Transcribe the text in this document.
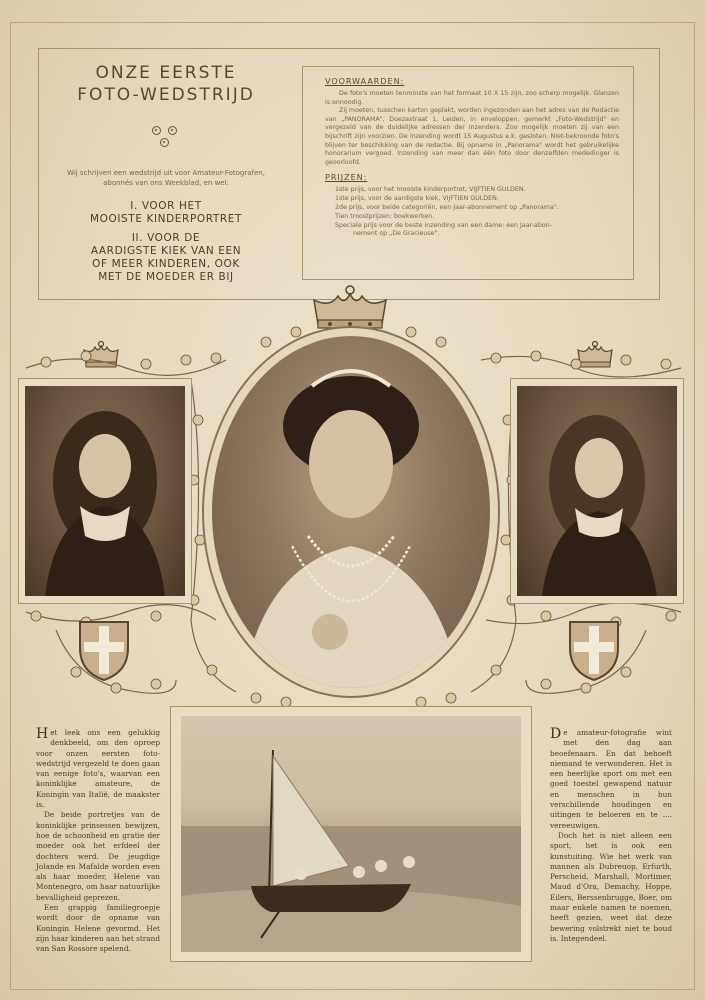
ONZE EERSTE
FOTO-WEDSTRIJD
Wij schrijven een wedstrijd uit voor Amateur-Fotografen, abonnés van ons Weekblad, en wel:
I. VOOR HET
MOOISTE KINDERPORTRET
II. VOOR DE
AARDIGSTE KIEK VAN EEN
OF MEER KINDEREN, OOK
MET DE MOEDER ER BIJ
VOORWAARDEN:

De foto's moeten tenminste van het formaat 10 X 15 zijn, zoo scherp mogelijk. Glanzen is onnoodig.

Zij moeten, tusschen karton geplakt, worden ingezonden aan het adres van de Redactie van „PANORAMA", Doezastraat 1, Leiden, in enveloppen, gemerkt „Foto-Wedstrijd" en vergezeld van de duidelijke adressen der inzenders. Zoo mogelijk moeten zij van een bijschrift zijn voorzien. De inzending wordt 15 Augustus e.k. gesloten. Niet-bekroonde foto's blijven ter beschikking van de redactie. Bij opname in „Panorama" wordt het gebruikelijke honorarium vergoed. Inzending van meer dan één foto door denzelfden mededinger is geoorloofd.

PRIJZEN:
1ste prijs, voor het mooiste kinderportret, VIJFTIEN GULDEN.
1ste prijs, voor de aardigste kiek, VIJFTIEN GULDEN.
2de prijs, voor beide categoriën, een Jaar-abonnement op „Panorama".
Tien troostprijzen: boekwerken.
Speciale prijs voor de beste inzending van een dame: een Jaar-abon-
nement op „De Gracieuse".

Het leek ons een gelukkig denkbeeld, om den oproep voor onzen eersten foto-wedstrijd vergezeld te doen gaan van eenige foto's, waarvan een koninklijke amateure, de Koningin van Italië, de maakster is.

De beide portretjes van de koninklijke prinsessen bewijzen, hoe de schoonheid en gratie der moeder ook het erfdeel der dochters werd. De jeugdige Jolande en Mafalde worden even als haar moeder, Helene van Montenegro, om haar natuurlijke bevalligheid geprezen.

Een grappig familiegroepje wordt door de opname van Koningin Helene gevormd. Het zijn haar kinderen aan het strand van San Rossore spelend.

De amateur-fotografie wint met den dag aan beoefenaars. En dat behoeft niemand te verwonderen. Het is een heerlijke sport om met een goed toestel gewapend natuur en menschen in hun verschillende houdingen en uitingen te beloeren en te .... vereeuwigen.

Doch het is niet alleen een sport, het is ook een kunstuiting. Wie het werk van mannen als Dubreuop, Erfurth, Perscheid, Marshall, Mortimer, Maud d'Ora, Demachy, Hoppe, Eilers, Berssenbrugge, Boer, om maar enkele namen te noemen, heeft gezien, weet dat deze bewering volstrekt niet te boud is. Integendeel.
